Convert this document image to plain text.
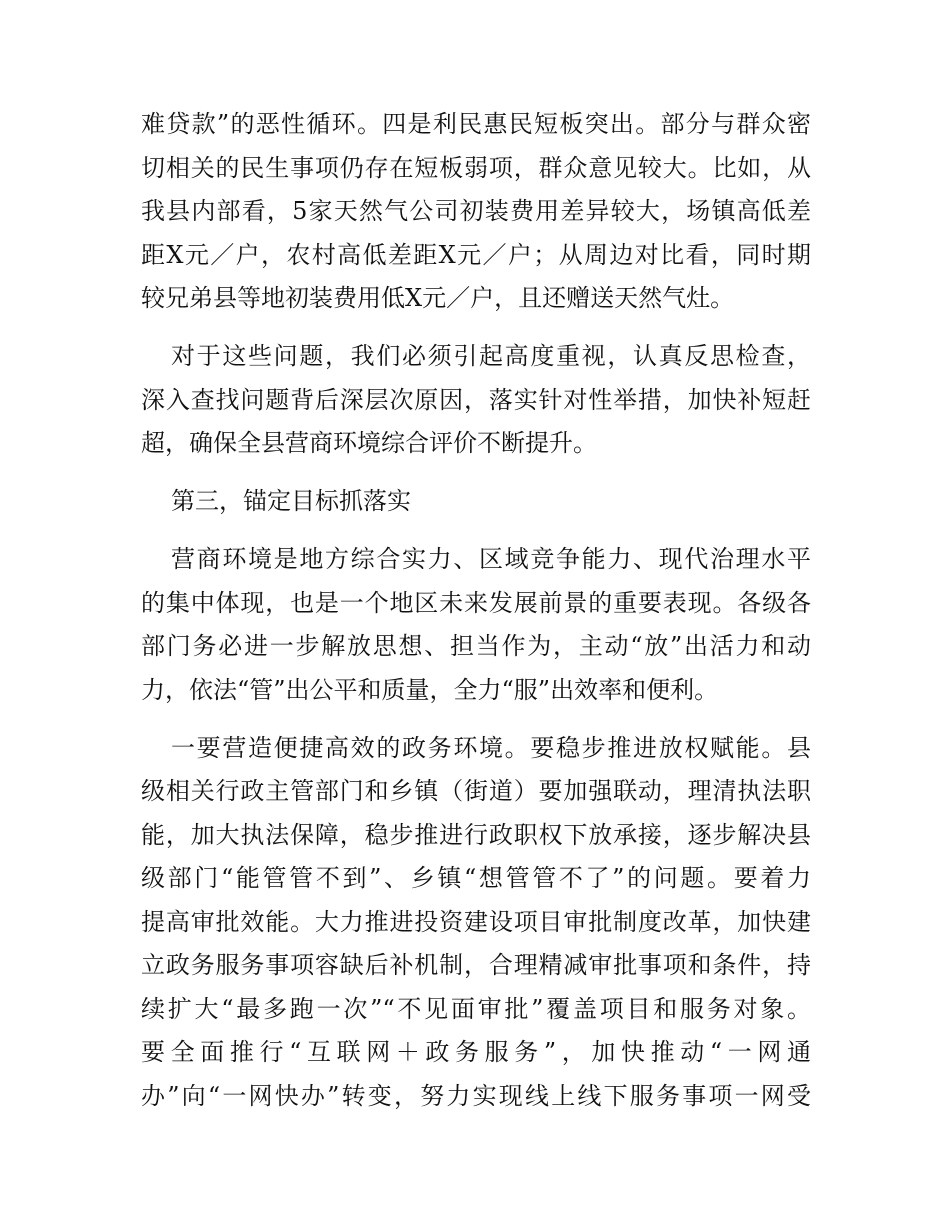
难贷款”的恶性循环。四是利民惠民短板突出。部分与群众密
切相关的民生事项仍存在短板弱项，群众意见较大。比如，从
我县内部看，5家天然气公司初装费用差异较大，场镇高低差
距X元／户，农村高低差距X元／户；从周边对比看，同时期
较兄弟县等地初装费用低X元／户，且还赠送天然气灶。
对于这些问题，我们必须引起高度重视，认真反思检查，
深入查找问题背后深层次原因，落实针对性举措，加快补短赶
超，确保全县营商环境综合评价不断提升。
第三，锚定目标抓落实
营商环境是地方综合实力、区域竞争能力、现代治理水平
的集中体现，也是一个地区未来发展前景的重要表现。各级各
部门务必进一步解放思想、担当作为，主动“放”出活力和动
力，依法“管”出公平和质量，全力“服”出效率和便利。
一要营造便捷高效的政务环境。要稳步推进放权赋能。县
级相关行政主管部门和乡镇（街道）要加强联动，理清执法职
能，加大执法保障，稳步推进行政职权下放承接，逐步解决县
级部门“能管管不到”、乡镇“想管管不了”的问题。要着力
提高审批效能。大力推进投资建设项目审批制度改革，加快建
立政务服务事项容缺后补机制，合理精减审批事项和条件，持
续扩大“最多跑一次”“不见面审批”覆盖项目和服务对象。
要全面推行“互联网＋政务服务”，加快推动“一网通
办”向“一网快办”转变，努力实现线上线下服务事项一网受
